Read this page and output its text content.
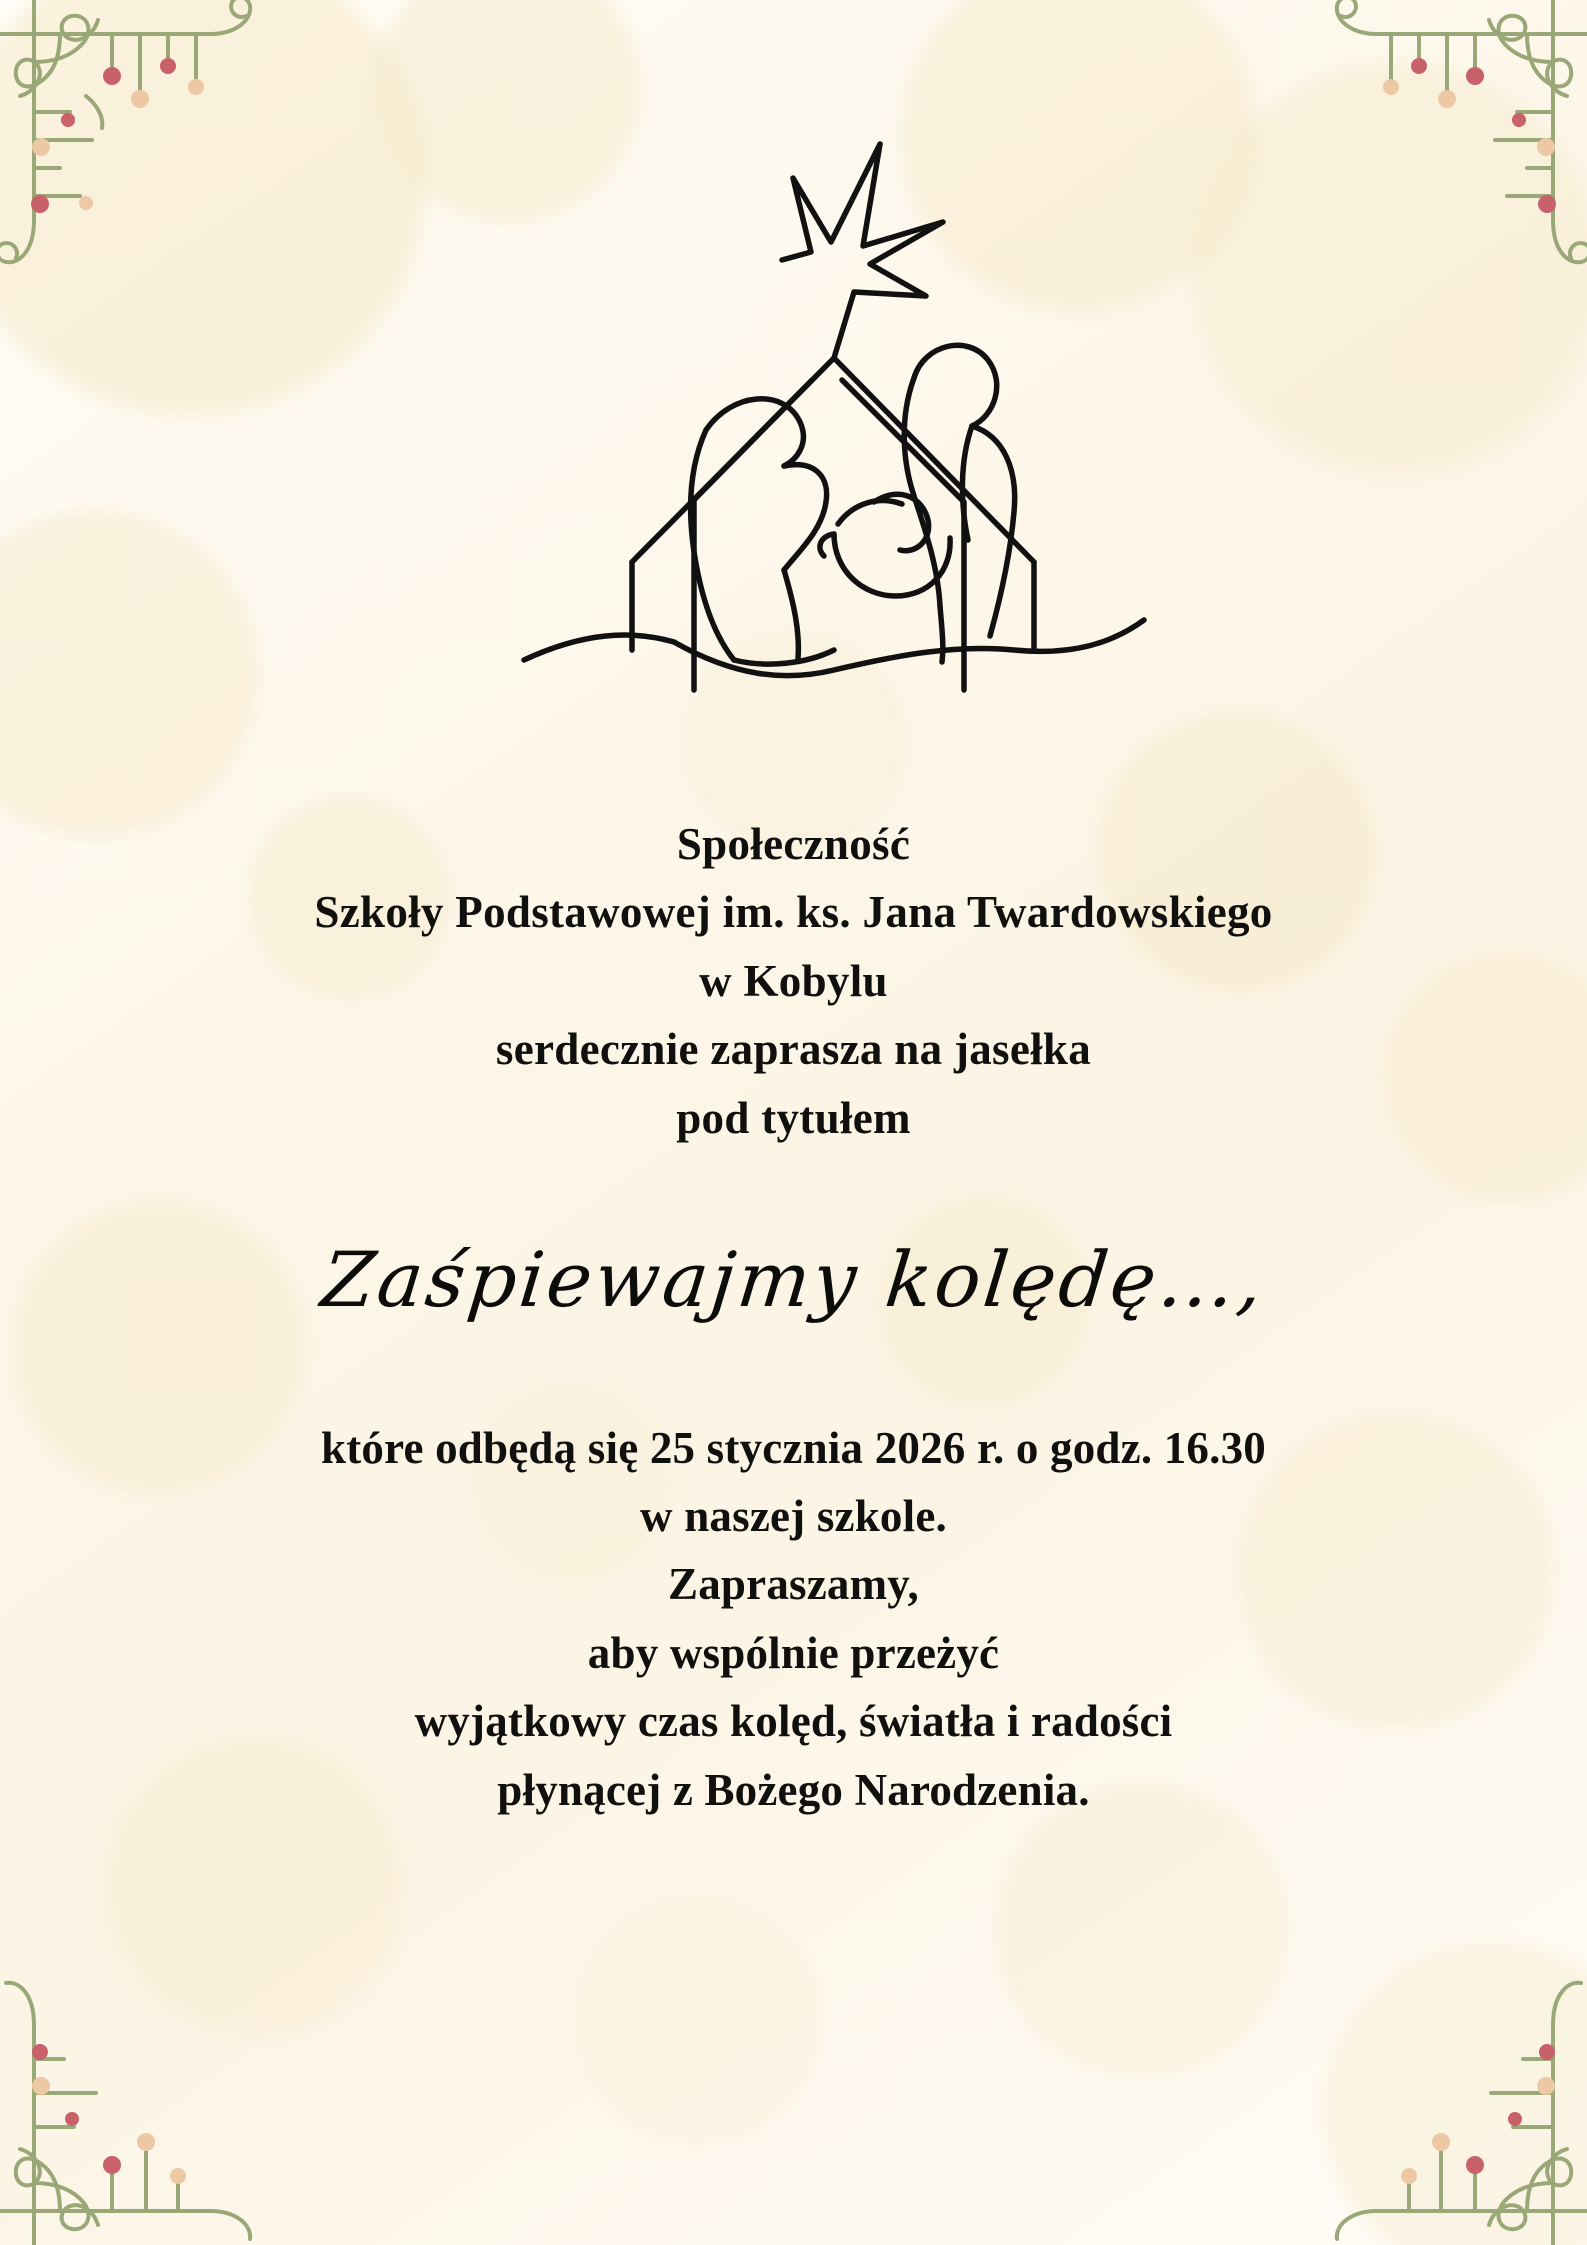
Społeczność
Szkoły Podstawowej im. ks. Jana Twardowskiego
w Kobylu
serdecznie zaprasza na jasełka
pod tytułem
Zaśpiewajmy kolędę…,
które odbędą się 25 stycznia 2026 r. o godz. 16.30
w naszej szkole.
Zapraszamy,
aby wspólnie przeżyć
wyjątkowy czas kolęd, światła i radości
płynącej z Bożego Narodzenia.
